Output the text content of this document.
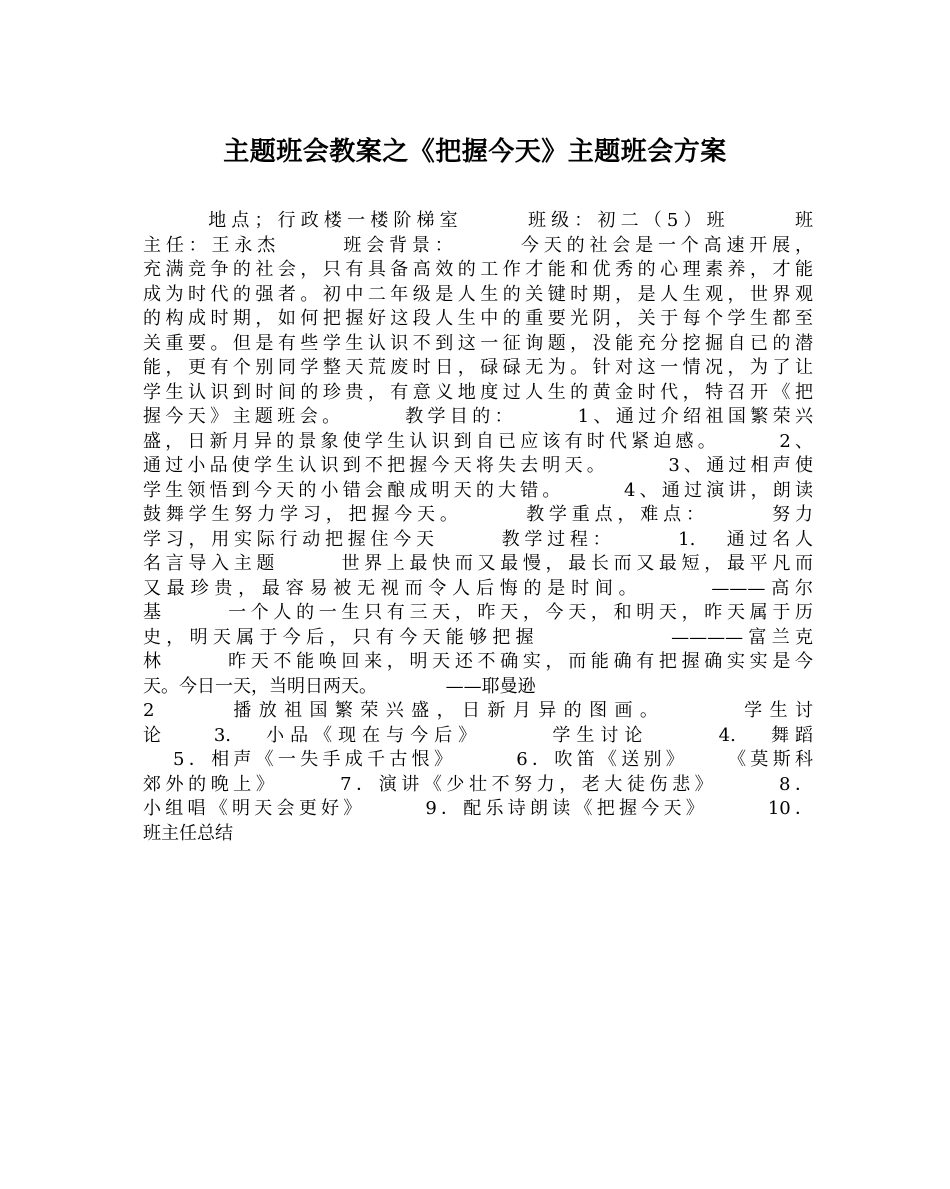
主题班会教案之《把握今天》主题班会方案
地点；行政楼一楼阶梯室      班级：初二（5）班      班
主任：王永杰      班会背景：      今天的社会是一个高速开展，
充满竞争的社会，只有具备高效的工作才能和优秀的心理素养，才能
成为时代的强者。初中二年级是人生的关键时期，是人生观，世界观
的构成时期，如何把握好这段人生中的重要光阴，关于每个学生都至
关重要。但是有些学生认识不到这一征询题，没能充分挖掘自已的潜
能，更有个别同学整天荒废时日，碌碌无为。针对这一情况，为了让
学生认识到时间的珍贵，有意义地度过人生的黄金时代，特召开《把
握今天》主题班会。      教学目的：      1、通过介绍祖国繁荣兴
盛，日新月异的景象使学生认识到自已应该有时代紧迫感。      2、
通过小品使学生认识到不把握今天将失去明天。      3、通过相声使
学生领悟到今天的小错会酿成明天的大错。      4、通过演讲，朗读
鼓舞学生努力学习，把握今天。      教学重点，难点：      努力
学习，用实际行动把握住今天      教学过程：      1.   通过名人
名言导入主题      世界上最快而又最慢，最长而又最短，最平凡而
又最珍贵，最容易被无视而令人后悔的是时间。      ———高尔
基      一个人的一生只有三天，昨天，今天，和明天，昨天属于历
史，明天属于今后，只有今天能够把握            ————富兰克
林      昨天不能唤回来，明天还不确实，而能确有把握确实实是今
天。今日一天，当明日两天。            ——耶曼逊
2      播放祖国繁荣兴盛，日新月异的图画。      学生讨
论    3.   小品《现在与今后》      学生讨论      4.   舞蹈
5．相声《一失手成千古恨》      6．吹笛《送别》    《莫斯科
郊外的晚上》      7．演讲《少壮不努力，老大徒伤悲》      8．
小组唱《明天会更好》      9．配乐诗朗读《把握今天》      10．
班主任总结
